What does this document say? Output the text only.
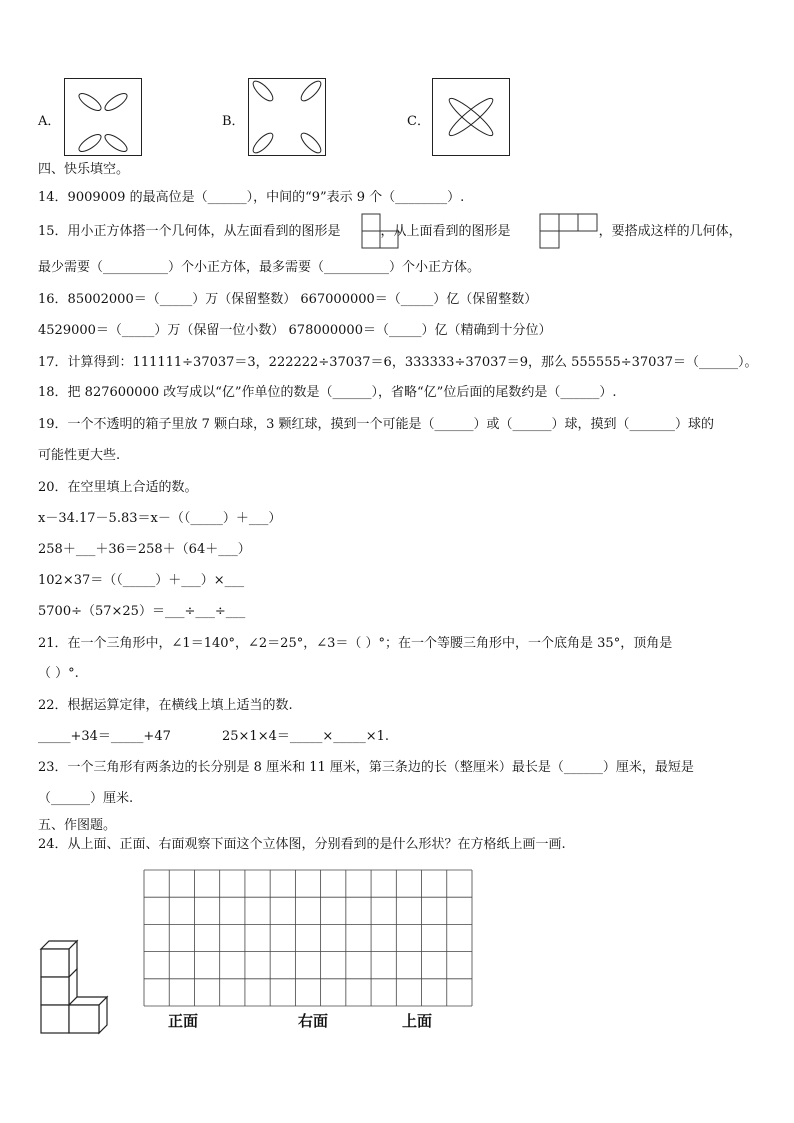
A．	B．	C．
四、快乐填空。
14．9009009 的最高位是（______），中间的“9”表示 9 个（________）.
15．用小正方体搭一个几何体，从左面看到的图形是	，从上面看到的图形是	，要搭成这样的几何体，
最少需要（__________）个小正方体，最多需要（__________）个小正方体。
16．85002000＝（_____）万（保留整数） 667000000＝（_____）亿（保留整数）
4529000＝（_____）万（保留一位小数） 678000000＝（_____）亿（精确到十分位）
17．计算得到：111111÷37037＝3，222222÷37037＝6，333333÷37037＝9，那么 555555÷37037＝（______）。
18．把 827600000 改写成以“亿”作单位的数是（______），省略“亿”位后面的尾数约是（______）.
19．一个不透明的箱子里放 7 颗白球，3 颗红球，摸到一个可能是（______）或（______）球，摸到（_______）球的
可能性更大些.
20．在空里填上合适的数。
x－34.17－5.83＝x－（（_____）＋___）
258＋___＋36＝258＋（64＋___）
102×37＝（（_____）＋___）×___
5700÷（57×25）＝___÷___÷___
21．在一个三角形中，∠1＝140°，∠2＝25°，∠3＝（ ）°；在一个等腰三角形中，一个底角是 35°，顶角是
（ ）°.
22．根据运算定律，在横线上填上适当的数.
_____+34＝_____+47	25×1×4＝_____×_____×1.
23．一个三角形有两条边的长分别是 8 厘米和 11 厘米，第三条边的长（整厘米）最长是（______）厘米，最短是
（______）厘米.
五、作图题。
24．从上面、正面、右面观察下面这个立体图，分别看到的是什么形状？在方格纸上画一画.
正面	右面	上面
